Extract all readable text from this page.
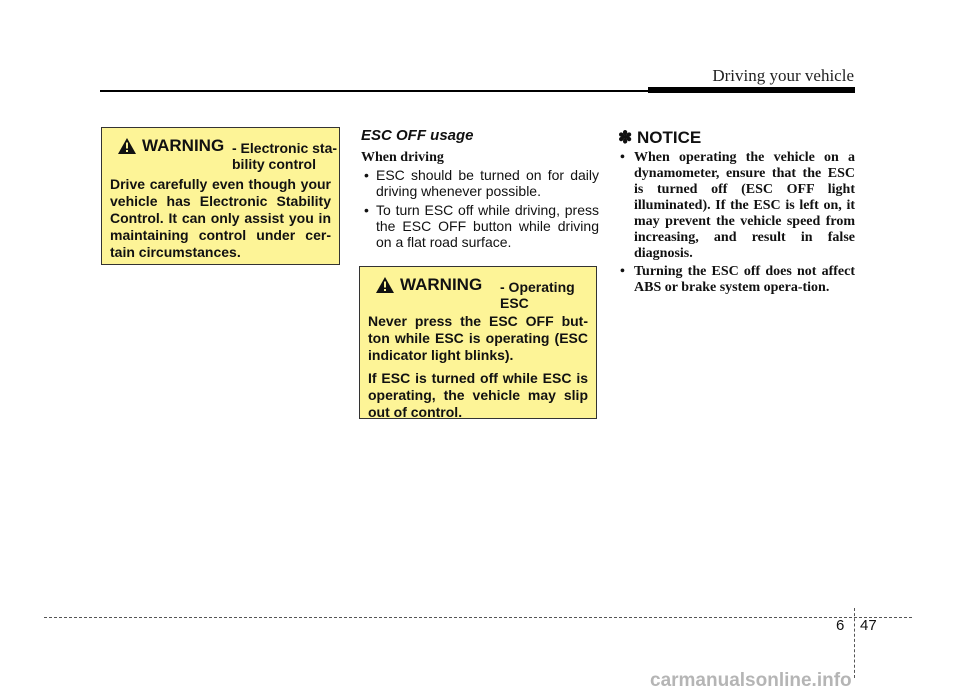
Driving your vehicle
WARNING - Electronic sta-bility control

Drive carefully even though your vehicle has Electronic Stability Control. It can only assist you in maintaining control under cer-tain circumstances.

ESC OFF usage
When driving
• ESC should be turned on for daily driving whenever possible.
• To turn ESC off while driving, press the ESC OFF button while driving on a flat road surface.
WARNING - Operating ESC

Never press the ESC OFF but-ton while ESC is operating (ESC indicator light blinks).

If ESC is turned off while ESC is operating, the vehicle may slip out of control.

✽ NOTICE
• When operating the vehicle on a dynamometer, ensure that the ESC is turned off (ESC OFF light illuminated). If the ESC is left on, it may prevent the vehicle speed from increasing, and result in false diagnosis.
• Turning the ESC off does not affect ABS or brake system opera-tion.
6 47
carmanualsonline.info
